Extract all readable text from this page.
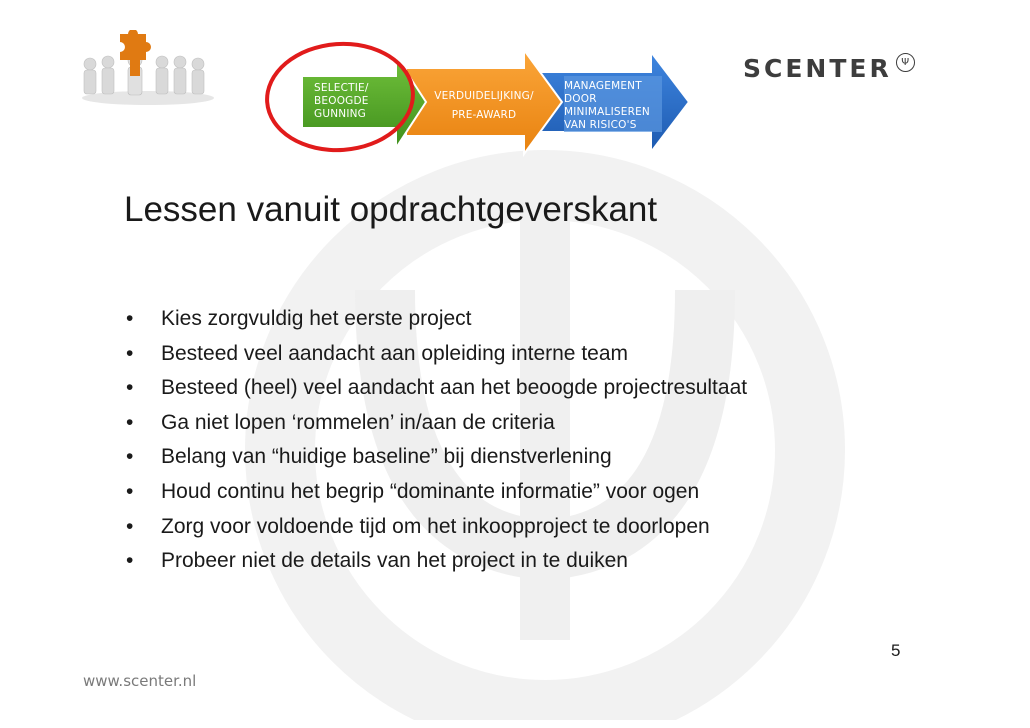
SELECTIE/
BEOOGDE
GUNNING
VERDUIDELIJKING/
PRE-AWARD
MANAGEMENT
DOOR
MINIMALISEREN
VAN RISICO'S
SCENTER Ψ
Lessen vanuit opdrachtgeverskant
•	Kies zorgvuldig het eerste project
•	Besteed veel aandacht aan opleiding interne team
•	Besteed (heel) veel aandacht aan het beoogde projectresultaat
•	Ga niet lopen ‘rommelen’ in/aan de criteria
•	Belang van “huidige baseline” bij dienstverlening
•	Houd continu het begrip “dominante informatie” voor ogen
•	Zorg voor voldoende tijd om het inkoopproject te doorlopen
•	Probeer niet de details van het project in te duiken
5
www.scenter.nl
